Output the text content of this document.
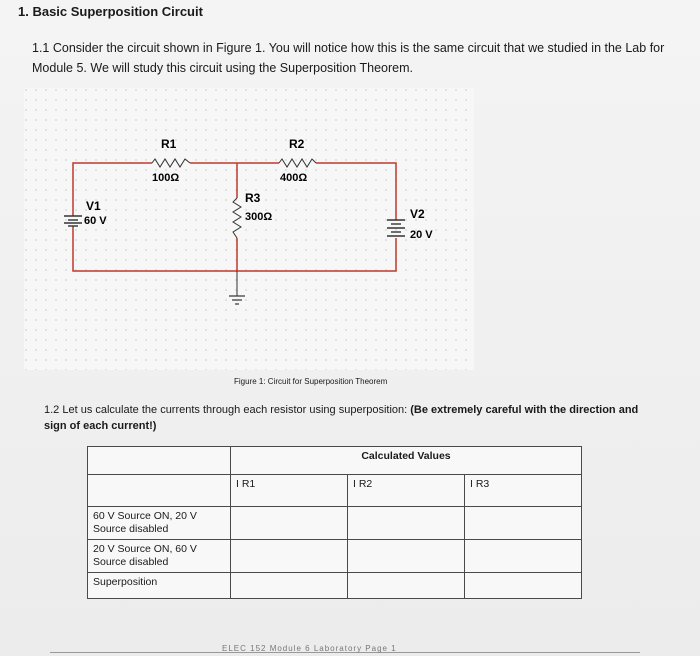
1. Basic Superposition Circuit
1.1 Consider the circuit shown in Figure 1. You will notice how this is the same circuit that we studied in the Lab for Module 5. We will study this circuit using the Superposition Theorem.
R1
100Ω
R2
400Ω
R3
300Ω
V1
60 V	V2
20 V
Figure 1: Circuit for Superposition Theorem
1.2 Let us calculate the currents through each resistor using superposition: (Be extremely careful with the direction and sign of each current!)
	Calculated Values		
	I R1	I R2	I R3
60 V Source ON, 20 V Source disabled			
20 V Source ON, 60 V Source disabled			
Superposition			
ELEC 152 Module 6 Laboratory Page 1
